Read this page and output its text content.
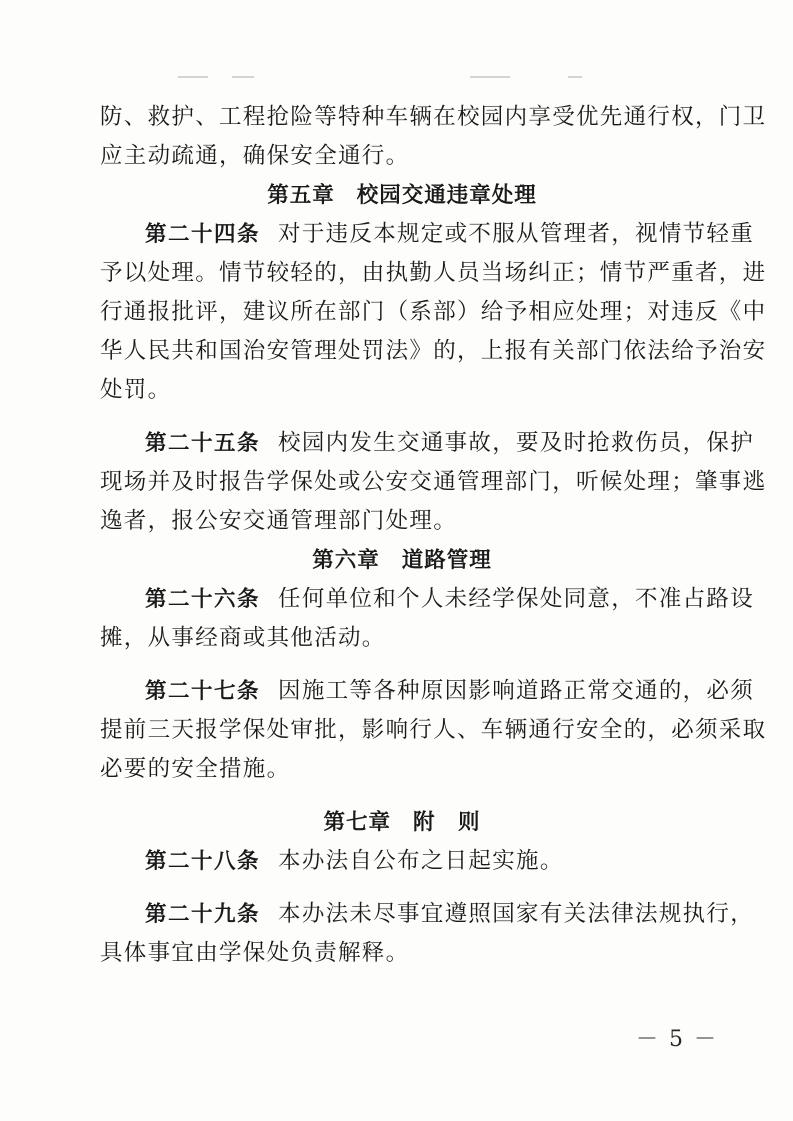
防、救护、工程抢险等特种车辆在校园内享受优先通行权，门卫
应主动疏通，确保安全通行。
第五章 校园交通违章处理
第二十四条 对于违反本规定或不服从管理者，视情节轻重
予以处理。情节较轻的，由执勤人员当场纠正；情节严重者，进
行通报批评，建议所在部门（系部）给予相应处理；对违反《中
华人民共和国治安管理处罚法》的，上报有关部门依法给予治安
处罚。
第二十五条 校园内发生交通事故，要及时抢救伤员，保护
现场并及时报告学保处或公安交通管理部门，听候处理；肇事逃
逸者，报公安交通管理部门处理。
第六章 道路管理
第二十六条 任何单位和个人未经学保处同意，不准占路设
摊，从事经商或其他活动。
第二十七条 因施工等各种原因影响道路正常交通的，必须
提前三天报学保处审批，影响行人、车辆通行安全的，必须采取
必要的安全措施。
第七章 附　则
第二十八条 本办法自公布之日起实施。
第二十九条 本办法未尽事宜遵照国家有关法律法规执行，
具体事宜由学保处负责解释。
－ 5 －
